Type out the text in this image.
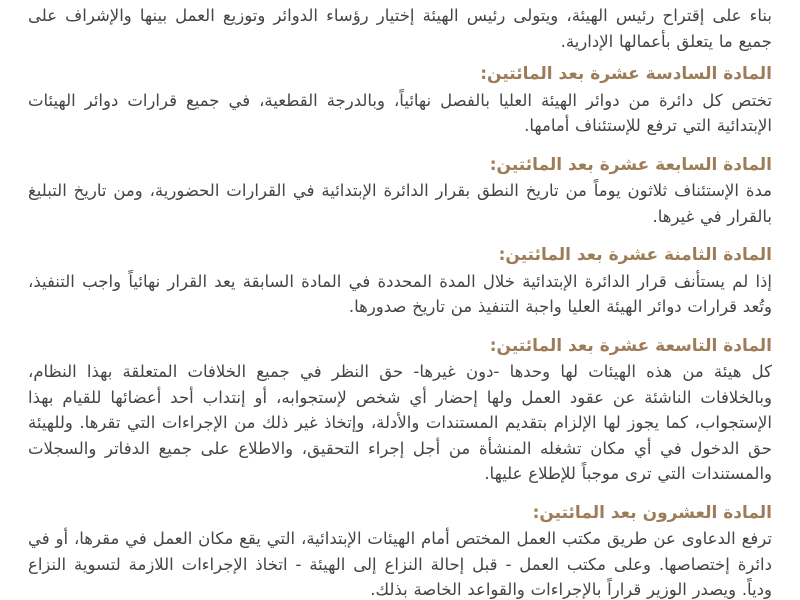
بناء على إقتراح رئيس الهيئة، ويتولى رئيس الهيئة إختيار رؤساء الدوائر وتوزيع العمل بينها والإشراف على جميع ما يتعلق بأعمالها الإدارية.

المادة السادسة عشرة بعد المائتين:

تختص كل دائرة من دوائر الهيئة العليا بالفصل نهائياً، وبالدرجة القطعية، في جميع قرارات دوائر الهيئات الإبتدائية التي ترفع للإستئناف أمامها.

المادة السابعة عشرة بعد المائتين:

مدة الإستئناف ثلاثون يوماً من تاريخ النطق بقرار الدائرة الإبتدائية في القرارات الحضورية، ومن تاريخ التبليغ بالقرار في غيرها.

المادة الثامنة عشرة بعد المائتين:

إذا لم يستأنف قرار الدائرة الإبتدائية خلال المدة المحددة في المادة السابقة يعد القرار نهائياً واجب التنفيذ، وتُعد قرارات دوائر الهيئة العليا واجبة التنفيذ من تاريخ صدورها.

المادة التاسعة عشرة بعد المائتين:

كل هيئة من هذه الهيئات لها وحدها -دون غيرها- حق النظر في جميع الخلافات المتعلقة بهذا النظام، وبالخلافات الناشئة عن عقود العمل ولها إحضار أي شخص لإستجوابه، أو إنتداب أحد أعضائها للقيام بهذا الإستجواب، كما يجوز لها الإلزام بتقديم المستندات والأدلة، وإتخاذ غير ذلك من الإجراءات التي تقرها. وللهيئة حق الدخول في أي مكان تشغله المنشأة من أجل إجراء التحقيق، والاطلاع على جميع الدفاتر والسجلات والمستندات التي ترى موجباً للإطلاع عليها.

المادة العشرون بعد المائتين:

ترفع الدعاوى عن طريق مكتب العمل المختص أمام الهيئات الإبتدائية، التي يقع مكان العمل في مقرها، أو في دائرة إختصاصها. وعلى مكتب العمل - قبل إحالة النزاع إلى الهيئة - اتخاذ الإجراءات اللازمة لتسوية النزاع ودياً. ويصدر الوزير قراراً بالإجراءات والقواعد الخاصة بذلك.
